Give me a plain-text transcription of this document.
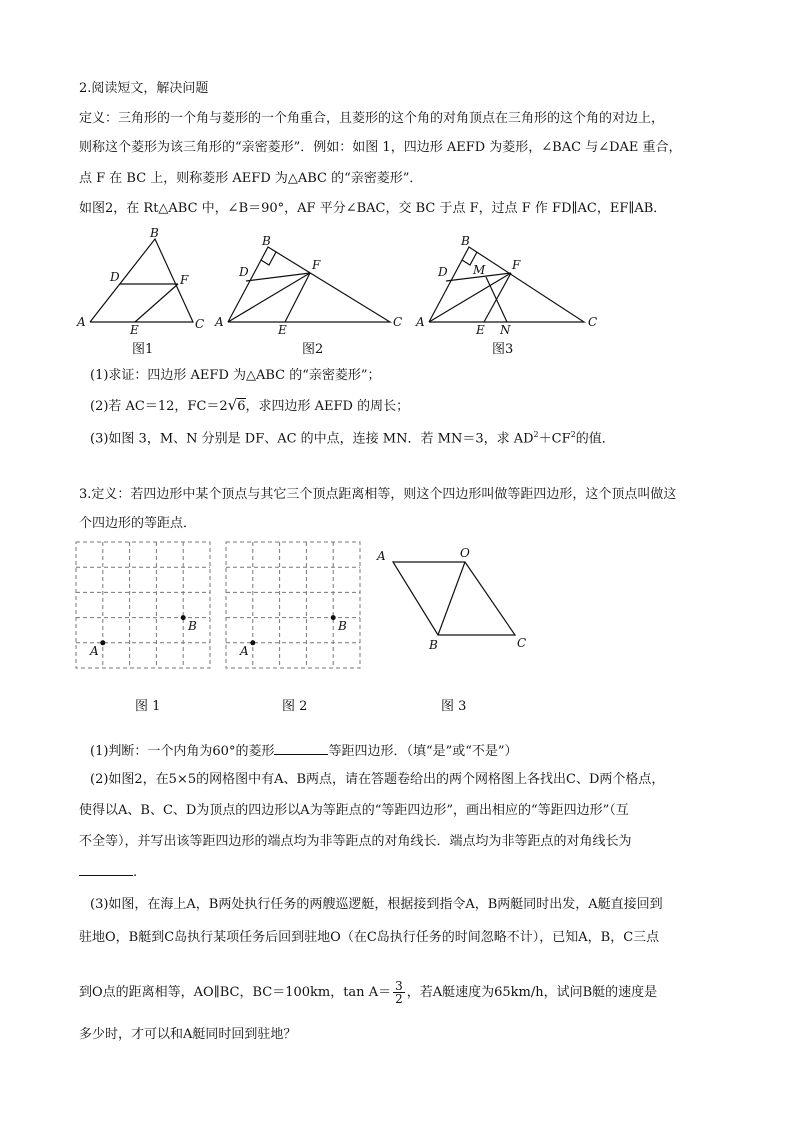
2.阅读短文，解决问题
定义：三角形的一个角与菱形的一个角重合，且菱形的这个角的对角顶点在三角形的这个角的对边上，
则称这个菱形为该三角形的“亲密菱形”．例如：如图 1，四边形 AEFD 为菱形，∠BAC 与∠DAE 重合，
点 F 在 BC 上，则称菱形 AEFD 为△ABC 的“亲密菱形”．
如图2，在 Rt△ABC 中，∠B＝90°，AF 平分∠BAC，交 BC 于点 F，过点 F 作 FD∥AC，EF∥AB．
B
D	F
A
E	C
图1
B
D	F
A
E
C
图2
B
D M F
A
E N
C
图3
(1)求证：四边形 AEFD 为△ABC 的“亲密菱形”；
(2)若 AC＝12，FC＝2√6，求四边形 AEFD 的周长；
(3)如图 3，M、N 分别是 DF、AC 的中点，连接 MN．若 MN＝3，求 $AD^2+CF^2$的值．
3.定义：若四边形中某个顶点与其它三个顶点距离相等，则这个四边形叫做等距四边形，这个顶点叫做这
个四边形的等距点．
A
B
图 1
A
B
图 2
A	O
B	C
图 3
(1)判断：一个内角为60°的菱形	等距四边形．（填“是”或“不是”）
(2)如图2，在5×5的网格图中有A、B两点，请在答题卷给出的两个网格图上各找出C、D两个格点，
使得以A、B、C、D为顶点的四边形以A为等距点的“等距四边形”，画出相应的“等距四边形”（互
不全等），并写出该等距四边形的端点均为非等距点的对角线长．端点均为非等距点的对角线长为
.
(3)如图，在海上A，B两处执行任务的两艘巡逻艇，根据接到指令A，B两艇同时出发，A艇直接回到
驻地O，B艇到C岛执行某项任务后回到驻地O（在C岛执行任务的时间忽略不计），已知A，B，C三点
到O点的距离相等，AO∥BC，BC＝100km，$\tan A= \frac{3}{2}$ ，若A艇速度为65km/h，试问B艇的速度是
多少时，才可以和A艇同时回到驻地？
